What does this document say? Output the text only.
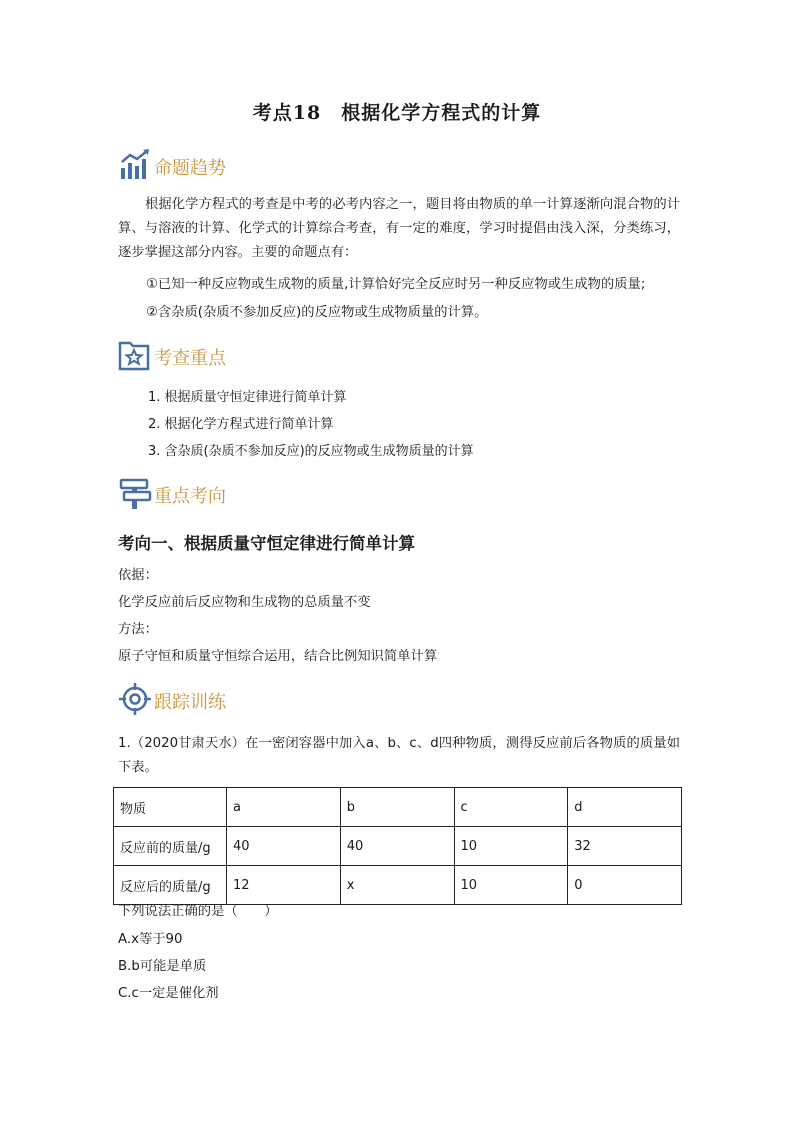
考点18　根据化学方程式的计算
命题趋势
根据化学方程式的考查是中考的必考内容之一，题目将由物质的单一计算逐渐向混合物的计算、与溶液的计算、化学式的计算综合考查，有一定的难度，学习时提倡由浅入深，分类练习，逐步掌握这部分内容。主要的命题点有：
①已知一种反应物或生成物的质量,计算恰好完全反应时另一种反应物或生成物的质量;
②含杂质(杂质不参加反应)的反应物或生成物质量的计算。
考查重点
1. 根据质量守恒定律进行简单计算
2. 根据化学方程式进行简单计算
3. 含杂质(杂质不参加反应)的反应物或生成物质量的计算
重点考向
考向一、根据质量守恒定律进行简单计算
依据：
化学反应前后反应物和生成物的总质量不变
方法：
原子守恒和质量守恒综合运用，结合比例知识简单计算
跟踪训练
1.（2020甘肃天水）在一密闭容器中加入a、b、c、d四种物质，测得反应前后各物质的质量如下表。
物质	a	b	c	d
反应前的质量/g	40	40	10	32
反应后的质量/g	12	x	10	0
下列说法正确的是（　　）
A.x等于90
B.b可能是单质
C.c一定是催化剂
